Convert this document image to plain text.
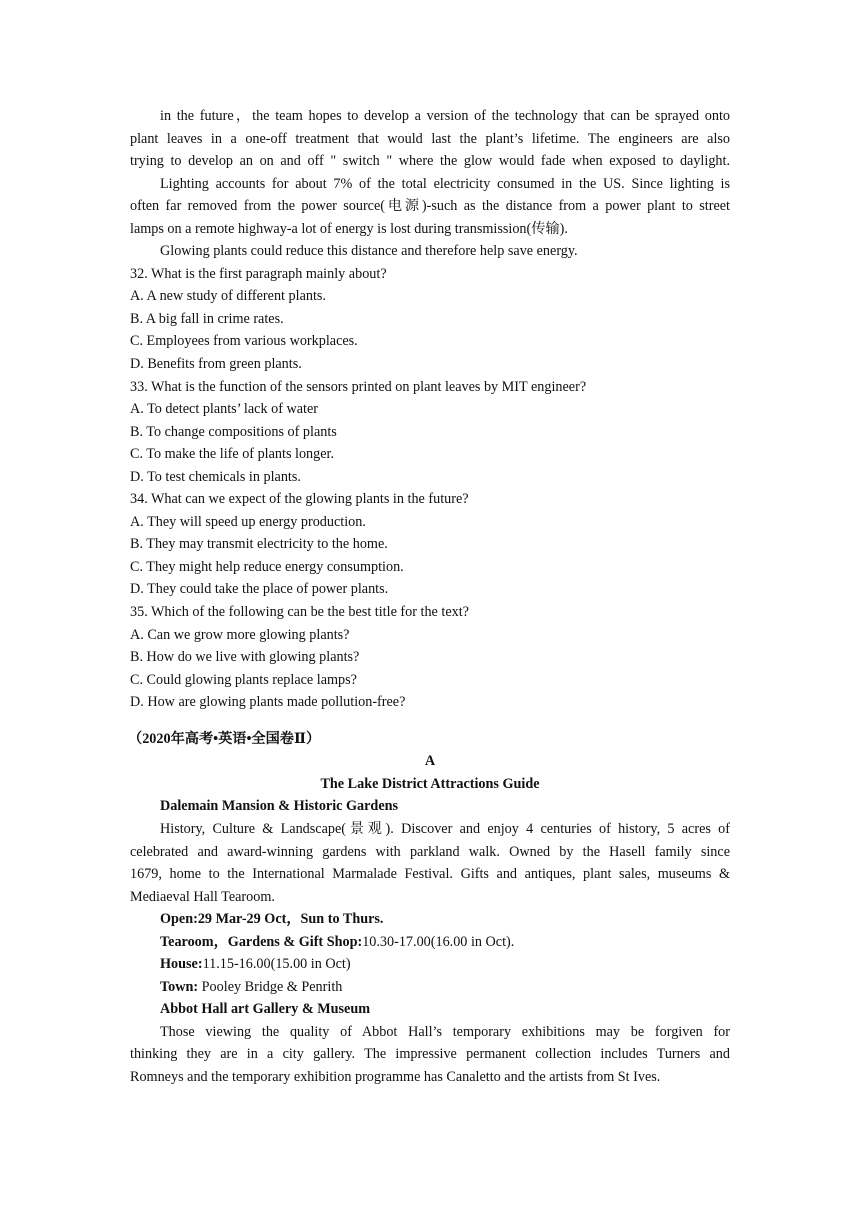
in the future，the team hopes to develop a version of the technology that can be sprayed onto
plant leaves in a one-off treatment that would last the plant’s lifetime. The engineers are also
trying to develop an on and off " switch " where the glow would fade when exposed to daylight.
Lighting accounts for about 7% of the total electricity consumed in the US. Since lighting is
often far removed from the power source(电源)-such as the distance from a power plant to street
lamps on a remote highway-a lot of energy is lost during transmission(传输).
Glowing plants could reduce this distance and therefore help save energy.
32. What is the first paragraph mainly about?
A. A new study of different plants.
B. A big fall in crime rates.
C. Employees from various workplaces.
D. Benefits from green plants.
33. What is the function of the sensors printed on plant leaves by MIT engineer?
A. To detect plants’ lack of water
B. To change compositions of plants
C. To make the life of plants longer.
D. To test chemicals in plants.
34. What can we expect of the glowing plants in the future?
A. They will speed up energy production.
B. They may transmit electricity to the home.
C. They might help reduce energy consumption.
D. They could take the place of power plants.
35. Which of the following can be the best title for the text?
A. Can we grow more glowing plants?
B. How do we live with glowing plants?
C. Could glowing plants replace lamps?
D. How are glowing plants made pollution-free?
（2020年高考•英语•全国卷Ⅱ）
A
The Lake District Attractions Guide
Dalemain Mansion & Historic Gardens
History, Culture & Landscape(景观). Discover and enjoy 4 centuries of history, 5 acres of
celebrated and award-winning gardens with parkland walk. Owned by the Hasell family since
1679, home to the International Marmalade Festival. Gifts and antiques, plant sales, museums &
Mediaeval Hall Tearoom.
Open:29 Mar-29 Oct，Sun to Thurs.
Tearoom，Gardens & Gift Shop:10.30-17.00(16.00 in Oct).
House:11.15-16.00(15.00 in Oct)
Town: Pooley Bridge & Penrith
Abbot Hall art Gallery & Museum
Those viewing the quality of Abbot Hall’s temporary exhibitions may be forgiven for
thinking they are in a city gallery. The impressive permanent collection includes Turners and
Romneys and the temporary exhibition programme has Canaletto and the artists from St Ives.
